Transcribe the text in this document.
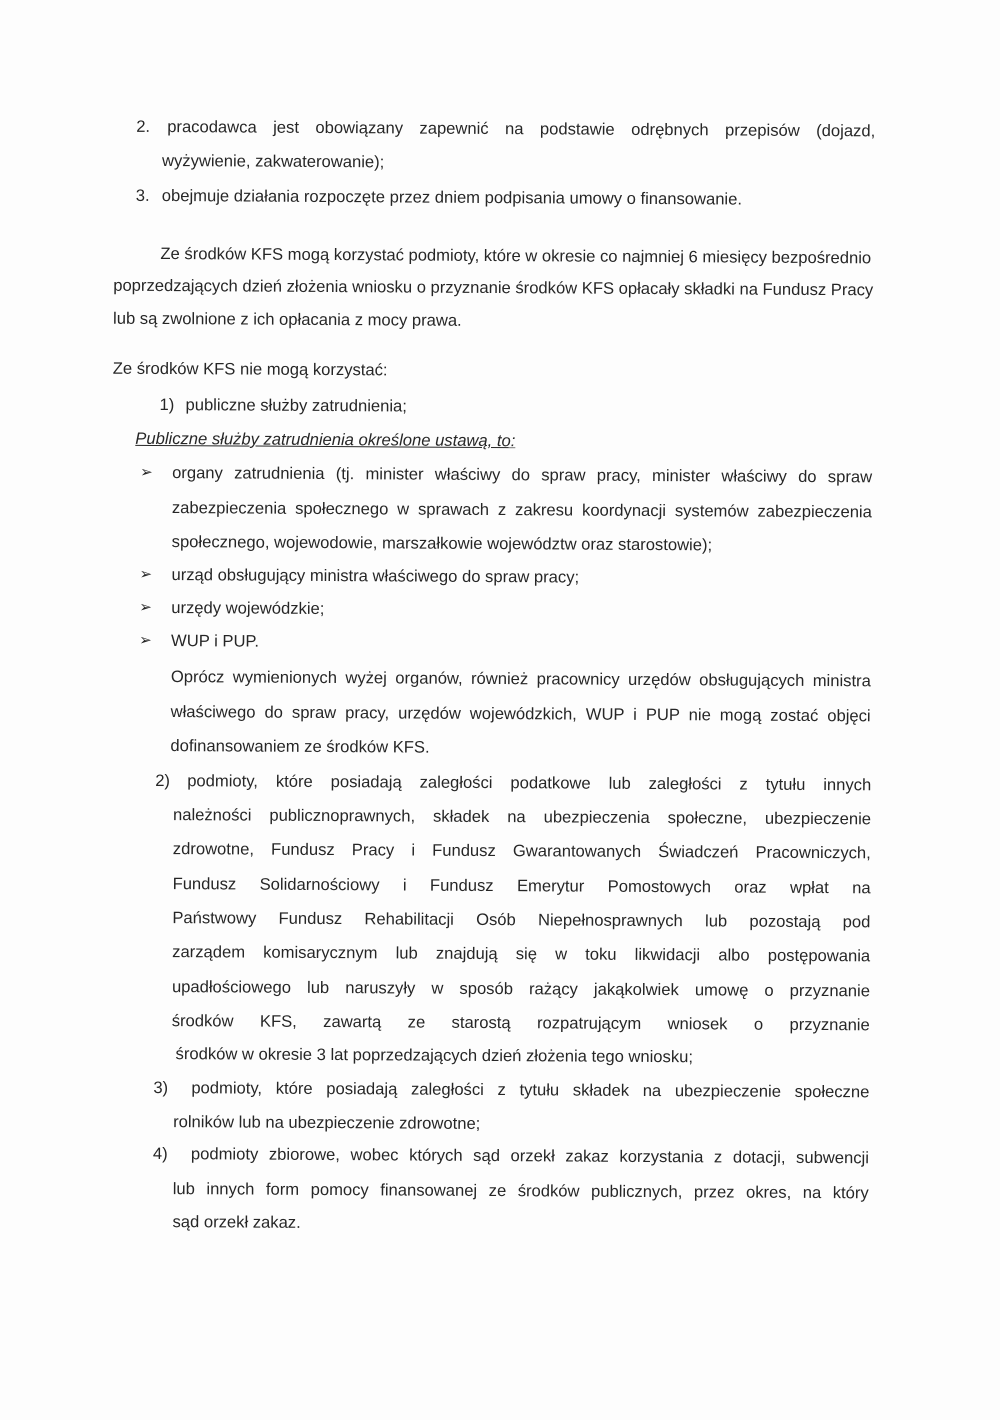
2. pracodawca jest obowiązany zapewnić na podstawie odrębnych przepisów (dojazd,
wyżywienie, zakwaterowanie);
3. obejmuje działania rozpoczęte przez dniem podpisania umowy o finansowanie.
Ze środków KFS mogą korzystać podmioty, które w okresie co najmniej 6 miesięcy bezpośrednio
poprzedzających dzień złożenia wniosku o przyznanie środków KFS opłacały składki na Fundusz Pracy
lub są zwolnione z ich opłacania z mocy prawa.
Ze środków KFS nie mogą korzystać:
1) publiczne służby zatrudnienia;
Publiczne służby zatrudnienia określone ustawą, to:
➢ organy zatrudnienia (tj. minister właściwy do spraw pracy, minister właściwy do spraw
zabezpieczenia społecznego w sprawach z zakresu koordynacji systemów zabezpieczenia
społecznego, wojewodowie, marszałkowie województw oraz starostowie);
➢ urząd obsługujący ministra właściwego do spraw pracy;
➢ urzędy wojewódzkie;
➢ WUP i PUP.
Oprócz wymienionych wyżej organów, również pracownicy urzędów obsługujących ministra
właściwego do spraw pracy, urzędów wojewódzkich, WUP i PUP nie mogą zostać objęci
dofinansowaniem ze środków KFS.
2) podmioty, które posiadają zaległości podatkowe lub zaległości z tytułu innych
należności publicznoprawnych, składek na ubezpieczenia społeczne, ubezpieczenie
zdrowotne, Fundusz Pracy i Fundusz Gwarantowanych Świadczeń Pracowniczych,
Fundusz Solidarnościowy i Fundusz Emerytur Pomostowych oraz wpłat na
Państwowy Fundusz Rehabilitacji Osób Niepełnosprawnych lub pozostają pod
zarządem komisarycznym lub znajdują się w toku likwidacji albo postępowania
upadłościowego lub naruszyły w sposób rażący jakąkolwiek umowę o przyznanie
środków KFS, zawartą ze starostą rozpatrującym wniosek o przyznanie
środków w okresie 3 lat poprzedzających dzień złożenia tego wniosku;
3) podmioty, które posiadają zaległości z tytułu składek na ubezpieczenie społeczne
rolników lub na ubezpieczenie zdrowotne;
4) podmioty zbiorowe, wobec których sąd orzekł zakaz korzystania z dotacji, subwencji
lub innych form pomocy finansowanej ze środków publicznych, przez okres, na który
sąd orzekł zakaz.
